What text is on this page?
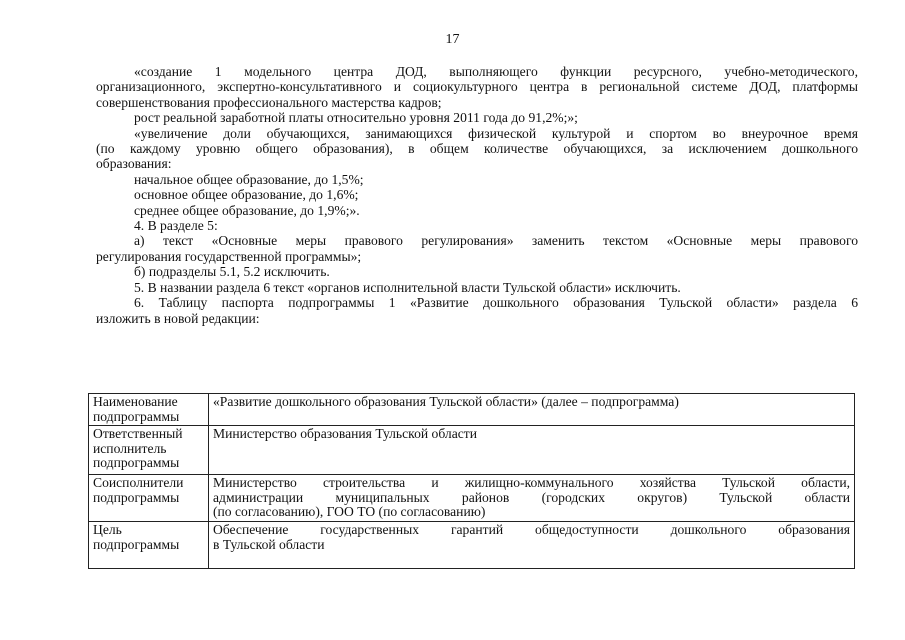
17

«создание 1 модельного центра ДОД, выполняющего функции ресурсного, учебно-методического,

организационного, экспертно-консультативного и социокультурного центра в региональной системе ДОД, платформы

совершенствования профессионального мастерства кадров;

рост реальной заработной платы относительно уровня 2011 года до 91,2%;»;

«увеличение доли обучающихся, занимающихся физической культурой и спортом во внеурочное время

(по каждому уровню общего образования), в общем количестве обучающихся, за исключением дошкольного

образования:

начальное общее образование, до 1,5%;

основное общее образование, до 1,6%;

среднее общее образование, до 1,9%;».

4. В разделе 5:

а) текст «Основные меры правового регулирования» заменить текстом «Основные меры правового

регулирования государственной программы»;

б) подразделы 5.1, 5.2 исключить.

5. В названии раздела 6 текст «органов исполнительной власти Тульской области» исключить.

6. Таблицу паспорта подпрограммы 1 «Развитие дошкольного образования Тульской области» раздела 6

изложить в новой редакции:

Наименование
подпрограммы	«Развитие дошкольного образования Тульской области» (далее – подпрограмма)

Ответственный
исполнитель
подпрограммы	Министерство образования Тульской области

Соисполнители
подпрограммы	Министерство строительства и жилищно-коммунального хозяйства Тульской области,
администрации муниципальных районов (городских округов) Тульской области
(по согласованию), ГОО ТО (по согласованию)

Цель
подпрограммы	Обеспечение государственных гарантий общедоступности дошкольного образования
в Тульской области
